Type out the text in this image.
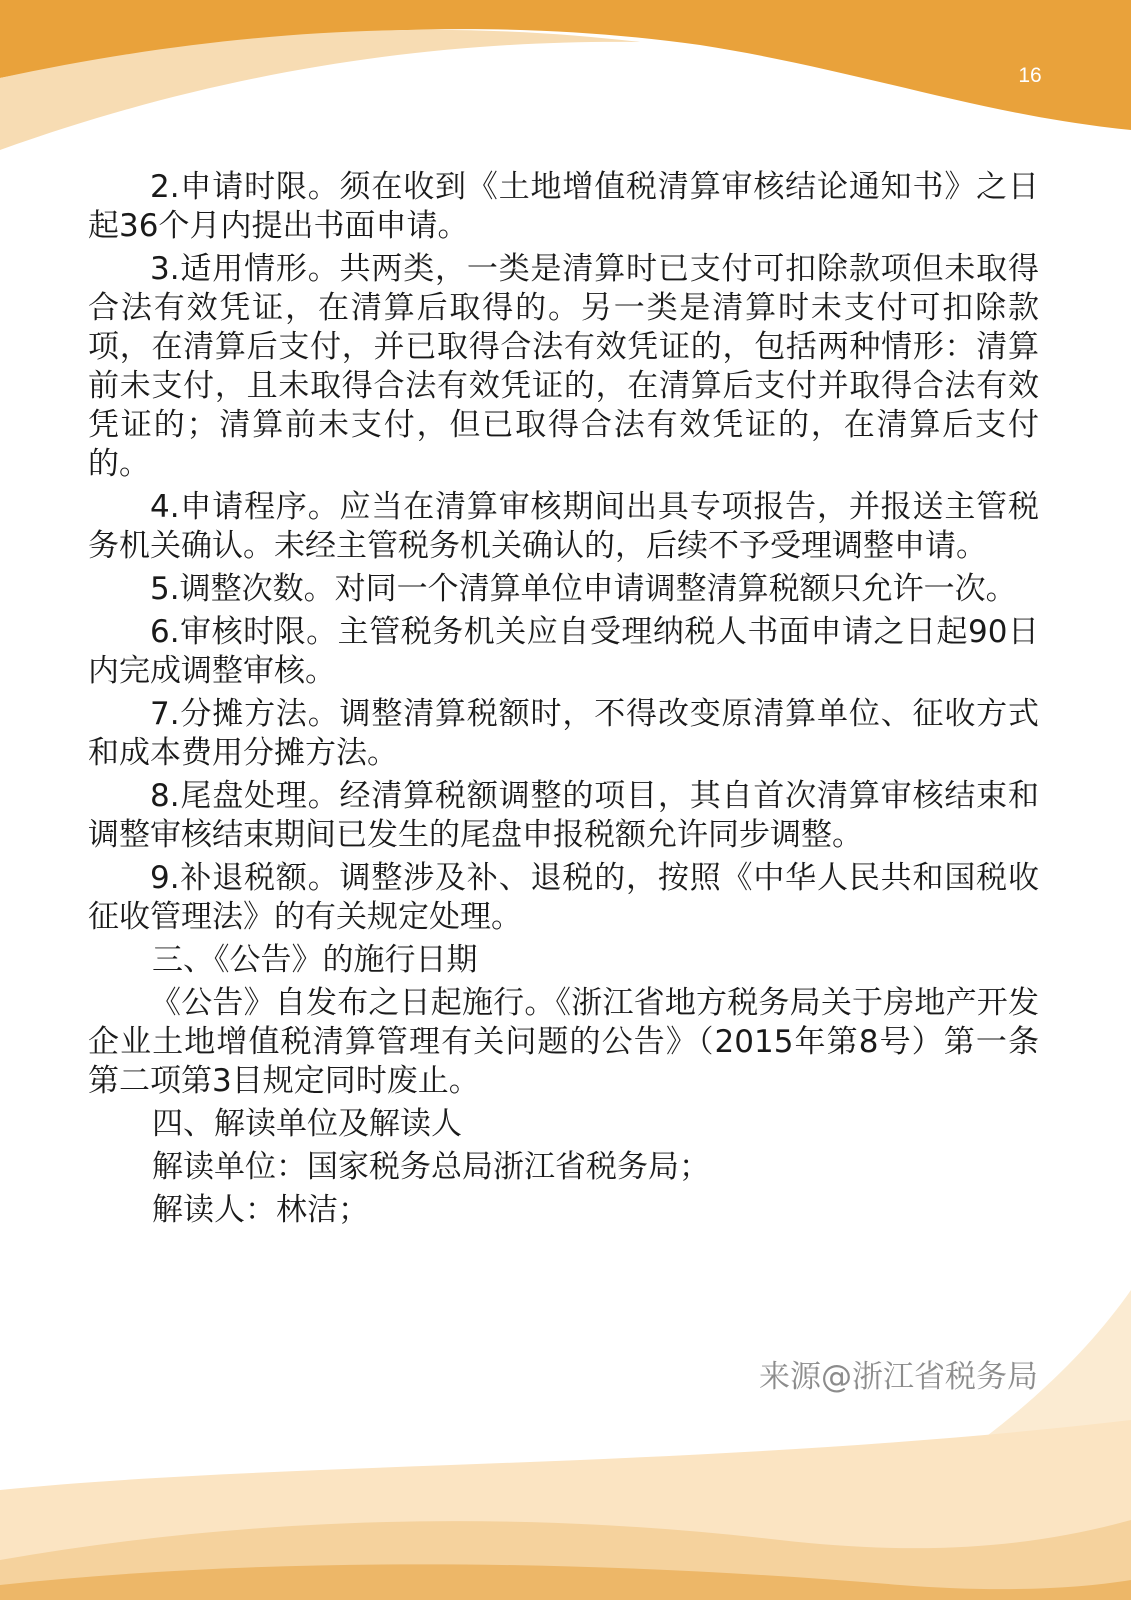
16

2.申请时限。须在收到《土地增值税清算审核结论通知书》之日起36个月内提出书面申请。

3.适用情形。共两类，一类是清算时已支付可扣除款项但未取得合法有效凭证，在清算后取得的。另一类是清算时未支付可扣除款项，在清算后支付，并已取得合法有效凭证的，包括两种情形：清算前未支付，且未取得合法有效凭证的，在清算后支付并取得合法有效凭证的；清算前未支付，但已取得合法有效凭证的，在清算后支付的。

4.申请程序。应当在清算审核期间出具专项报告，并报送主管税务机关确认。未经主管税务机关确认的，后续不予受理调整申请。

5.调整次数。对同一个清算单位申请调整清算税额只允许一次。

6.审核时限。主管税务机关应自受理纳税人书面申请之日起90日内完成调整审核。

7.分摊方法。调整清算税额时，不得改变原清算单位、征收方式和成本费用分摊方法。

8.尾盘处理。经清算税额调整的项目，其自首次清算审核结束和调整审核结束期间已发生的尾盘申报税额允许同步调整。

9.补退税额。调整涉及补、退税的，按照《中华人民共和国税收征收管理法》的有关规定处理。

三、《公告》的施行日期

《公告》自发布之日起施行。《浙江省地方税务局关于房地产开发企业土地增值税清算管理有关问题的公告》（2015年第8号）第一条第二项第3目规定同时废止。

四、解读单位及解读人

解读单位：国家税务总局浙江省税务局；

解读人：林洁；

来源@浙江省税务局
